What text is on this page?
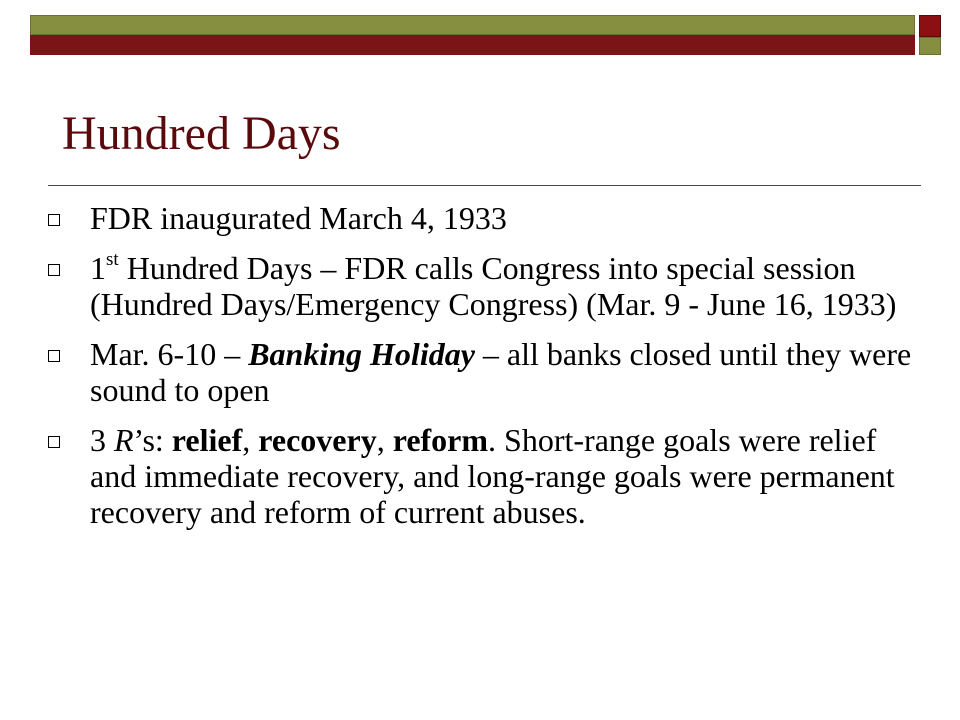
Hundred Days
FDR inaugurated March 4, 1933
1st Hundred Days – FDR calls Congress into special session (Hundred Days/Emergency Congress) (Mar. 9 - June 16, 1933)
Mar. 6-10 – Banking Holiday – all banks closed until they were sound to open
3 R’s: relief, recovery, reform. Short-range goals were relief and immediate recovery, and long-range goals were permanent recovery and reform of current abuses.
